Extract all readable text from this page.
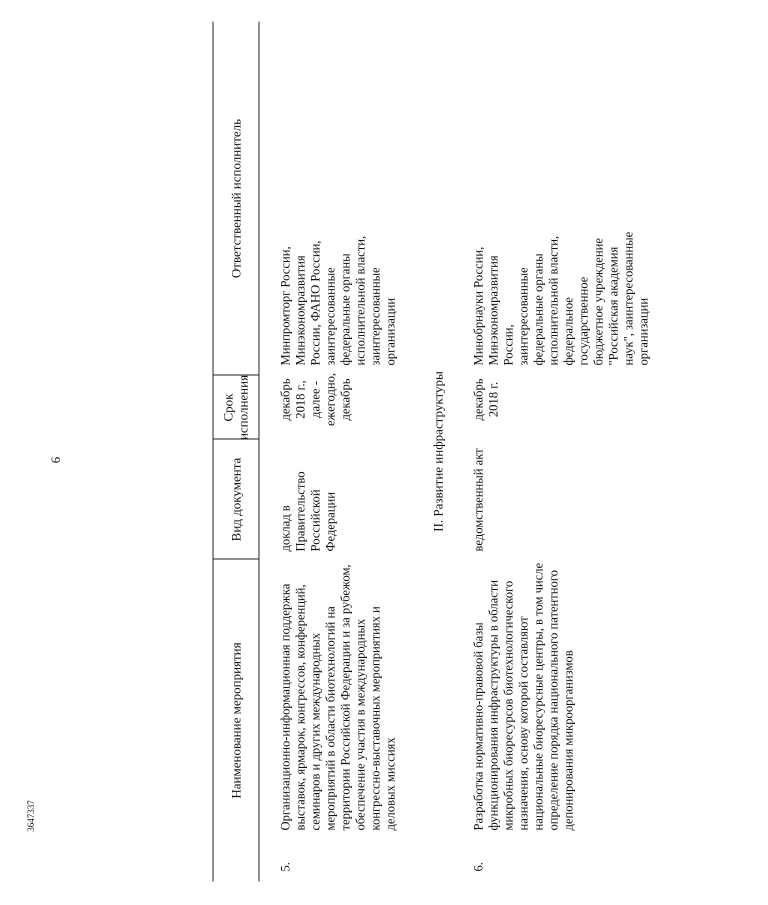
6
3647337
Наименование мероприятия
Вид документа
Срок исполнения
Ответственный исполнитель
5.
Организационно-информационная поддержка выставок, ярмарок, конгрессов, конференций, семинаров и других международных мероприятий в области биотехнологий на территории Российской Федерации и за рубежом, обеспечение участия в международных конгрессно-выставочных мероприятиях и деловых миссиях
доклад в Правительство Российской Федерации
декабрь 2018 г., далее - ежегодно, декабрь
Минпромторг России, Минэкономразвития России, ФАНО России, заинтересованные федеральные органы исполнительной власти, заинтересованные организации
II. Развитие инфраструктуры
6.
Разработка нормативно-правовой базы функционирования инфраструктуры в области микробных биоресурсов биотехнологического назначения, основу которой составляют национальные биоресурсные центры, в том числе определение порядка национального патентного депонирования микроорганизмов
ведомственный акт
декабрь 2018 г.
Минобрнауки России, Минэкономразвития России, заинтересованные федеральные органы исполнительной власти, федеральное государственное бюджетное учреждение "Российская академия наук", заинтересованные организации
